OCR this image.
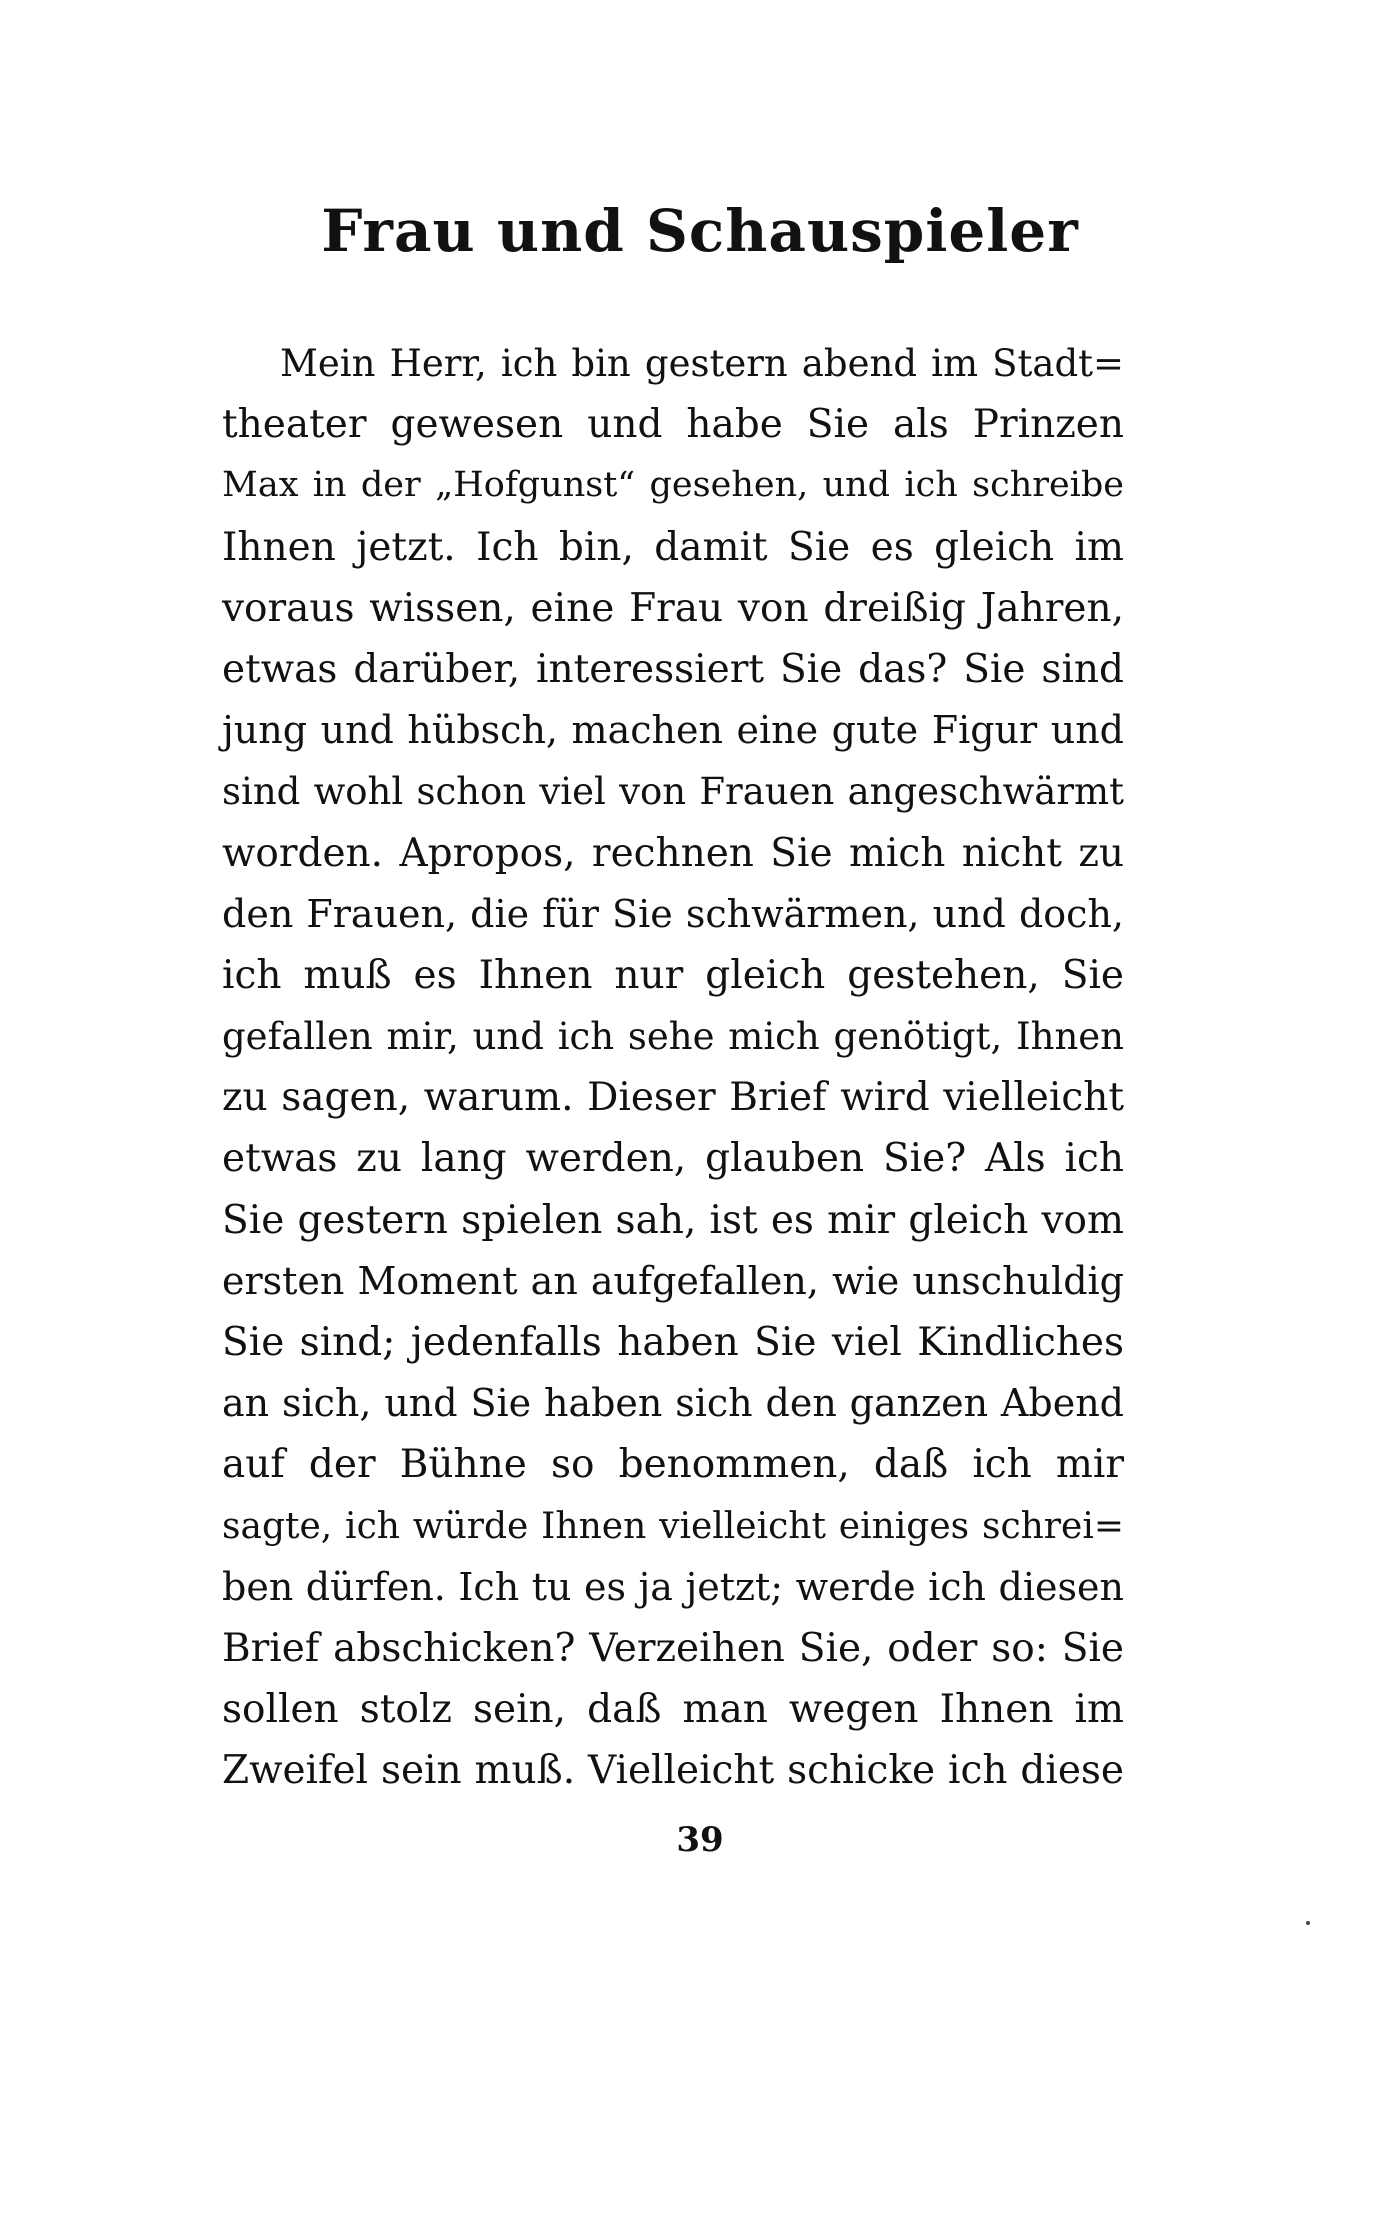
Frau und Schauspieler
Mein Herr, ich bin gestern abend im Stadt=
theater gewesen und habe Sie als Prinzen
Max in der „Hofgunst“ gesehen, und ich schreibe
Ihnen jetzt. Ich bin, damit Sie es gleich im
voraus wissen, eine Frau von dreißig Jahren,
etwas darüber, interessiert Sie das? Sie sind
jung und hübsch, machen eine gute Figur und
sind wohl schon viel von Frauen angeschwärmt
worden. Apropos, rechnen Sie mich nicht zu
den Frauen, die für Sie schwärmen, und doch,
ich muß es Ihnen nur gleich gestehen, Sie
gefallen mir, und ich sehe mich genötigt, Ihnen
zu sagen, warum. Dieser Brief wird vielleicht
etwas zu lang werden, glauben Sie? Als ich
Sie gestern spielen sah, ist es mir gleich vom
ersten Moment an aufgefallen, wie unschuldig
Sie sind; jedenfalls haben Sie viel Kindliches
an sich, und Sie haben sich den ganzen Abend
auf der Bühne so benommen, daß ich mir
sagte, ich würde Ihnen vielleicht einiges schrei=
ben dürfen. Ich tu es ja jetzt; werde ich diesen
Brief abschicken? Verzeihen Sie, oder so: Sie
sollen stolz sein, daß man wegen Ihnen im
Zweifel sein muß. Vielleicht schicke ich diese
39
